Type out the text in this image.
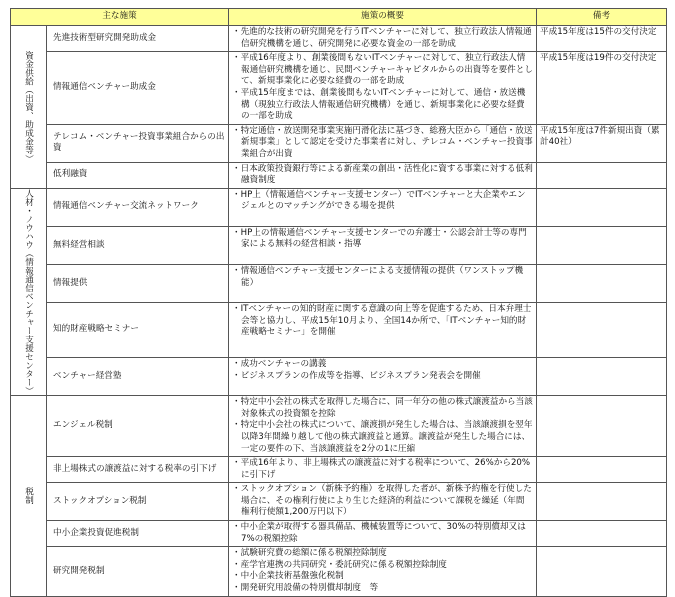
主な施策		施策の概要	備考

資金供給（出資、助成金等）	先進技術型研究開発助成金	・ 先進的な技術の研究開発を行うITベンチャーに対して、独立行政法人情報通信研究機構を通じ、研究開発に必要な資金の一部を助成	平成15年度は15件の交付決定
	情報通信ベンチャー助成金	・ 平成16年度より、創業後間もないITベンチャーに対して、独立行政法人情報通信研究機構を通じ、民間ベンチャーキャピタルからの出資等を要件として、新規事業化に必要な経費の一部を助成
・ 平成15年度までは、創業後間もないITベンチャーに対して、通信・放送機構（現独立行政法人情報通信研究機構）を通じ、新規事業化に必要な経費の一部を助成	平成15年度は19件の交付決定
	テレコム・ベンチャー投資事業組合からの出資	・ 特定通信・放送開発事業実施円滑化法に基づき、総務大臣から「通信・放送新規事業」として認定を受けた事業者に対し、テレコム・ベンチャー投資事業組合が出資	平成15年度は7件新規出資（累計40社）
	低利融資	・ 日本政策投資銀行等による新産業の創出・活性化に資する事業に対する低利融資制度

人材・ノウハウ（情報通信ベンチャー支援センター）	情報通信ベンチャー交流ネットワーク	・ HP上（情報通信ベンチャー支援センター）でITベンチャーと大企業やエンジェルとのマッチングができる場を提供

	無料経営相談	・ HP上の情報通信ベンチャー支援センターでの弁護士・公認会計士等の専門家による無料の経営相談・指導

	情報提供	・ 情報通信ベンチャー支援センターによる支援情報の提供（ワンストップ機能）

	知的財産戦略セミナー	・ ITベンチャーの知的財産に関する意識の向上等を促進するため、日本弁理士会等と協力し、平成15年10月より、全国14か所で、「ITベンチャー知的財産戦略セミナー」を開催

	ベンチャー経営塾	・ 成功ベンチャーの講義
・ ビジネスプランの作成等を指導、ビジネスプラン発表会を開催

税制	エンジェル税制	・ 特定中小会社の株式を取得した場合に、同一年分の他の株式譲渡益から当該対象株式の投資額を控除
・ 特定中小会社の株式について、譲渡損が発生した場合は、当該譲渡損を翌年以降3年間繰り越して他の株式譲渡益と通算。譲渡益が発生した場合には、一定の要件の下、当該譲渡益を2分の1に圧縮

	非上場株式の譲渡益に対する税率の引下げ	・ 平成16年より、非上場株式の譲渡益に対する税率について、26%から20%に引下げ

	ストックオプション税制	・ ストックオプション（新株予約権）を取得した者が、新株予約権を行使した場合に、その権利行使により生じた経済的利益について課税を繰延（年間権利行使額1,200万円以下）

	中小企業投資促進税制	・ 中小企業が取得する器具備品、機械装置等について、30%の特別償却又は7%の税額控除

	研究開発税制	・ 試験研究費の総額に係る税額控除制度
・ 産学官連携の共同研究・委託研究に係る税額控除制度
・ 中小企業技術基盤強化税制
・ 開発研究用設備の特別償却制度　等
